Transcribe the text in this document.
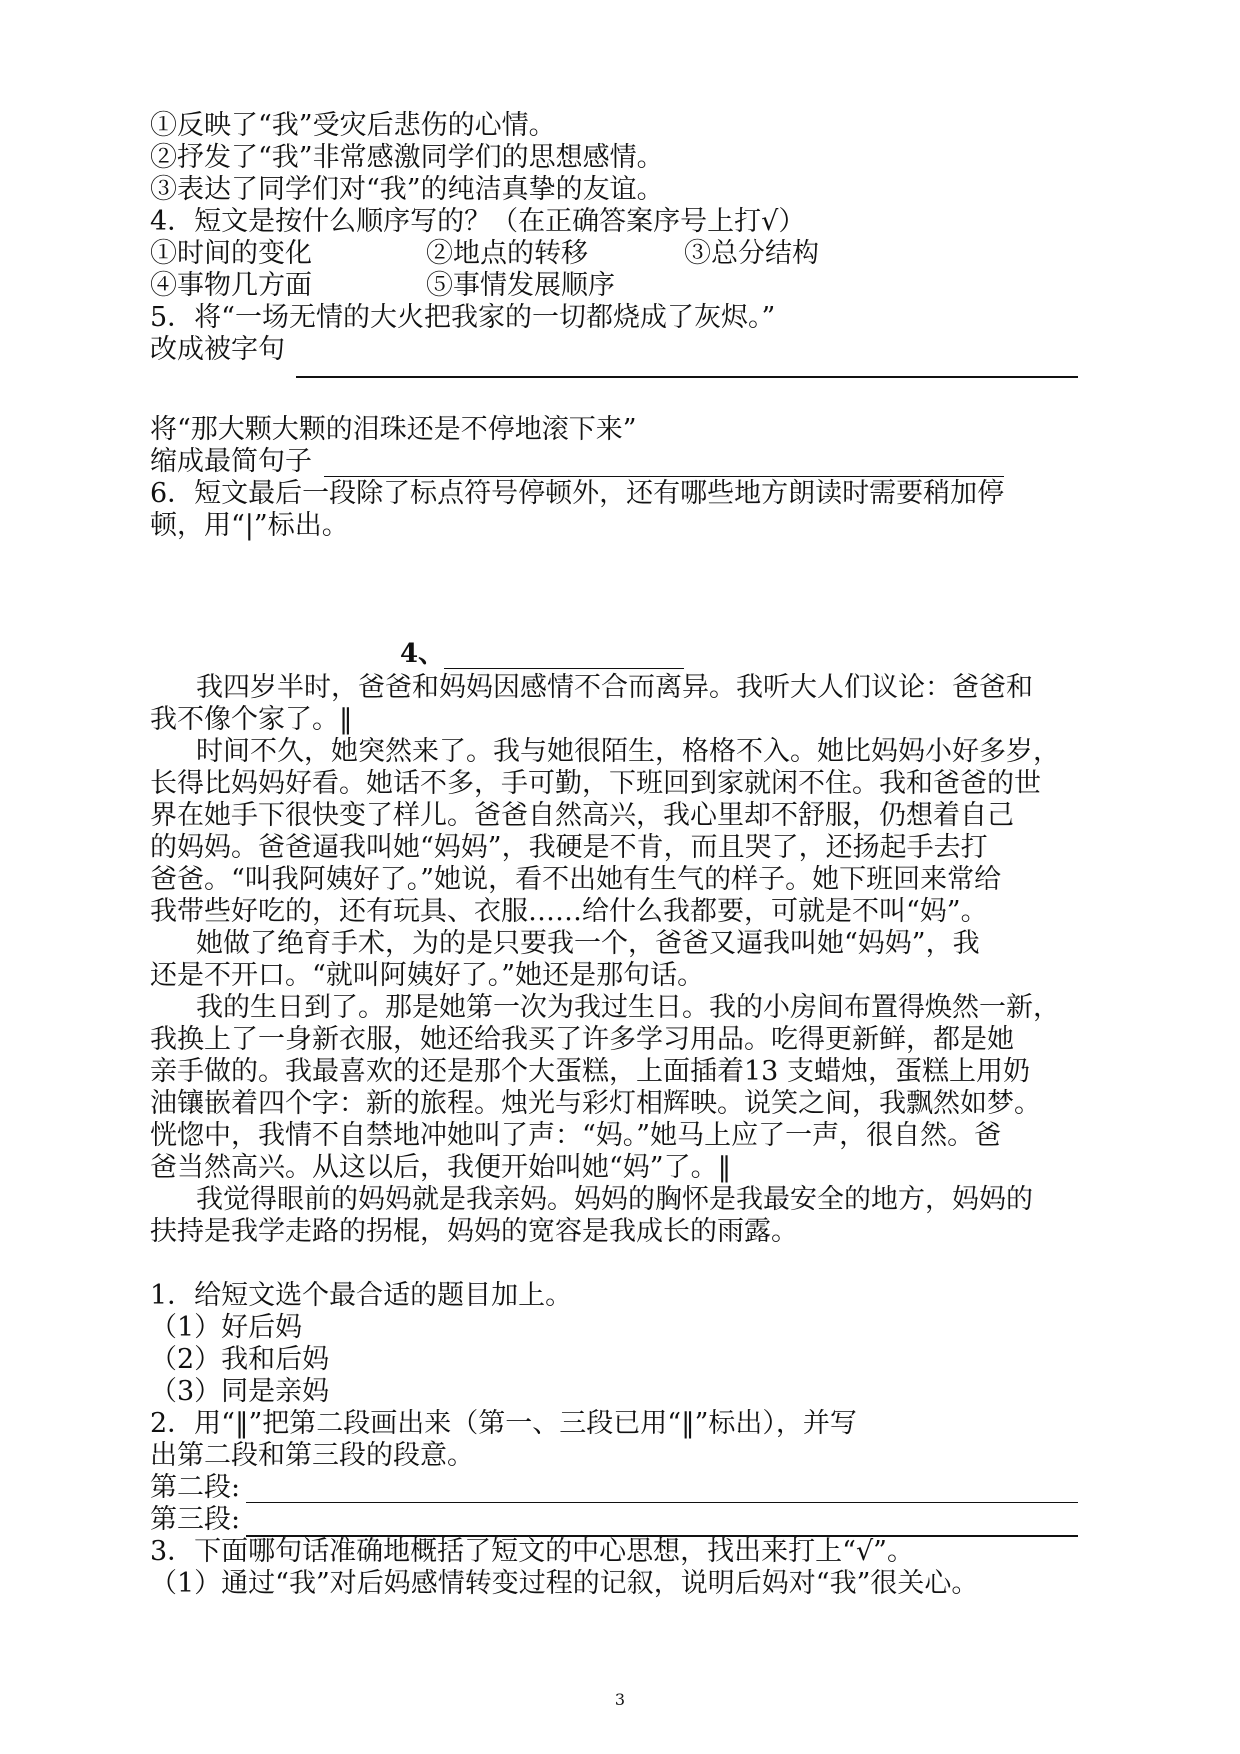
①反映了“我”受灾后悲伤的心情。
②抒发了“我”非常感激同学们的思想感情。
③表达了同学们对“我”的纯洁真挚的友谊。
4．短文是按什么顺序写的？（在正确答案序号上打√）
①时间的变化	②地点的转移	③总分结构
④事物几方面	⑤事情发展顺序
5．将“一场无情的大火把我家的一切都烧成了灰烬。”
改成被字句
将“那大颗大颗的泪珠还是不停地滚下来”
缩成最简句子
6．短文最后一段除了标点符号停顿外，还有哪些地方朗读时需要稍加停
顿，用“|”标出。
4、
我四岁半时，爸爸和妈妈因感情不合而离异。我听大人们议论：爸爸和
我不像个家了。‖
时间不久，她突然来了。我与她很陌生，格格不入。她比妈妈小好多岁，
长得比妈妈好看。她话不多，手可勤，下班回到家就闲不住。我和爸爸的世
界在她手下很快变了样儿。爸爸自然高兴，我心里却不舒服，仍想着自己
的妈妈。爸爸逼我叫她“妈妈”，我硬是不肯，而且哭了，还扬起手去打
爸爸。“叫我阿姨好了。”她说，看不出她有生气的样子。她下班回来常给
我带些好吃的，还有玩具、衣服……给什么我都要，可就是不叫“妈”。
她做了绝育手术，为的是只要我一个，爸爸又逼我叫她“妈妈”，我
还是不开口。“就叫阿姨好了。”她还是那句话。
我的生日到了。那是她第一次为我过生日。我的小房间布置得焕然一新，
我换上了一身新衣服，她还给我买了许多学习用品。吃得更新鲜，都是她
亲手做的。我最喜欢的还是那个大蛋糕，上面插着13 支蜡烛，蛋糕上用奶
油镶嵌着四个字：新的旅程。烛光与彩灯相辉映。说笑之间，我飘然如梦。
恍惚中，我情不自禁地冲她叫了声：“妈。”她马上应了一声，很自然。爸
爸当然高兴。从这以后，我便开始叫她“妈”了。‖
我觉得眼前的妈妈就是我亲妈。妈妈的胸怀是我最安全的地方，妈妈的
扶持是我学走路的拐棍，妈妈的宽容是我成长的雨露。
1．给短文选个最合适的题目加上。
（1）好后妈
（2）我和后妈
（3）同是亲妈
2．用“‖”把第二段画出来（第一、三段已用“‖”标出），并写
出第二段和第三段的段意。
第二段:
第三段:
3．下面哪句话准确地概括了短文的中心思想，找出来打上“√”。
（1）通过“我”对后妈感情转变过程的记叙，说明后妈对“我”很关心。
3
